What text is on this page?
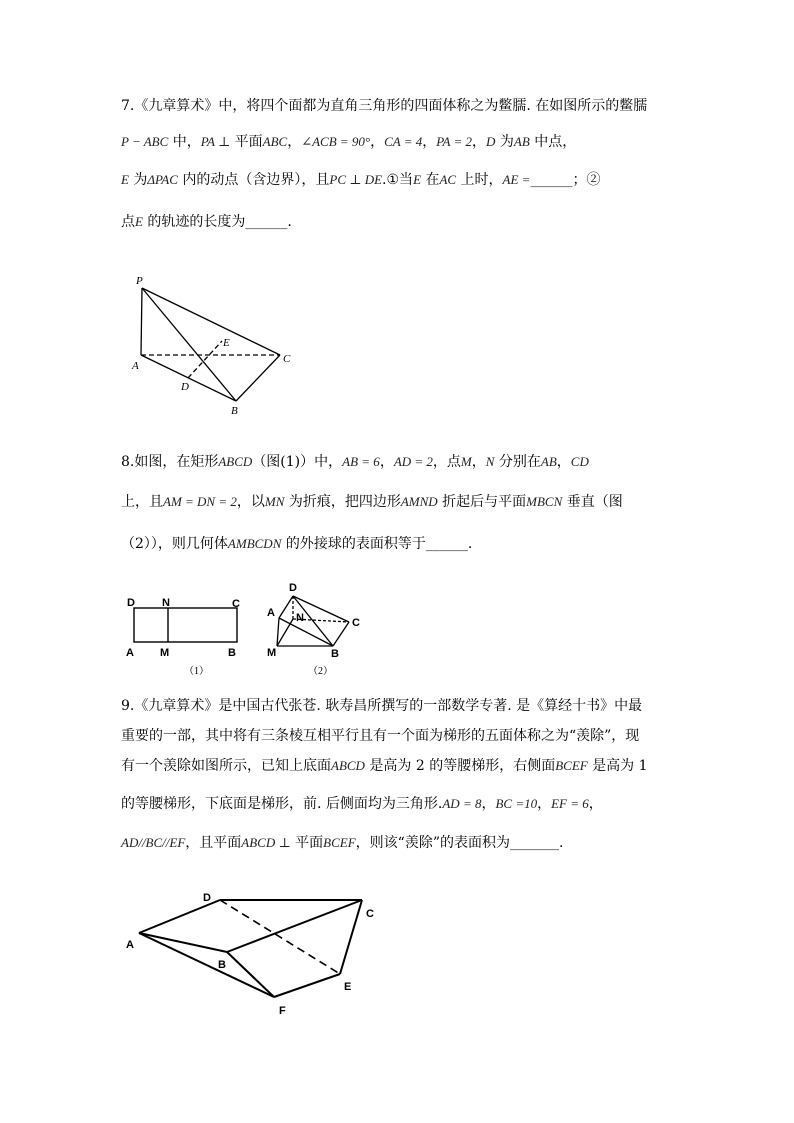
7.《九章算术》中，将四个面都为直角三角形的四面体称之为鳖臑. 在如图所示的鳖臑
P − ABC 中，PA ⊥ 平面ABC，∠ACB = 90°，CA = 4，PA = 2，D 为AB 中点，
E 为ΔPAC 内的动点（含边界），且PC ⊥ DE.①当E 在AC 上时，AE =______；②
点E 的轨迹的长度为______.
P
A
B
C
D
E
8.如图，在矩形ABCD（图(1)）中，AB = 6，AD = 2，点M，N 分别在AB，CD
上，且AM = DN = 2，以MN 为折痕，把四边形AMND 折起后与平面MBCN 垂直（图
（2）），则几何体AMBCDN 的外接球的表面积等于______.
D N	C
A M	B
（1）
D
A N	C
M	B
（2）
9.《九章算术》是中国古代张苍. 耿寿昌所撰写的一部数学专著. 是《算经十书》中最
重要的一部，其中将有三条棱互相平行且有一个面为梯形的五面体称之为“羡除”，现
有一个羡除如图所示，已知上底面ABCD 是高为 2 的等腰梯形，右侧面BCEF 是高为 1
的等腰梯形，下底面是梯形，前. 后侧面均为三角形.AD = 8，BC =10，EF = 6，
AD//BC//EF，且平面ABCD ⊥ 平面BCEF，则该“羡除”的表面积为_______.
D
C
A
B
E
F
